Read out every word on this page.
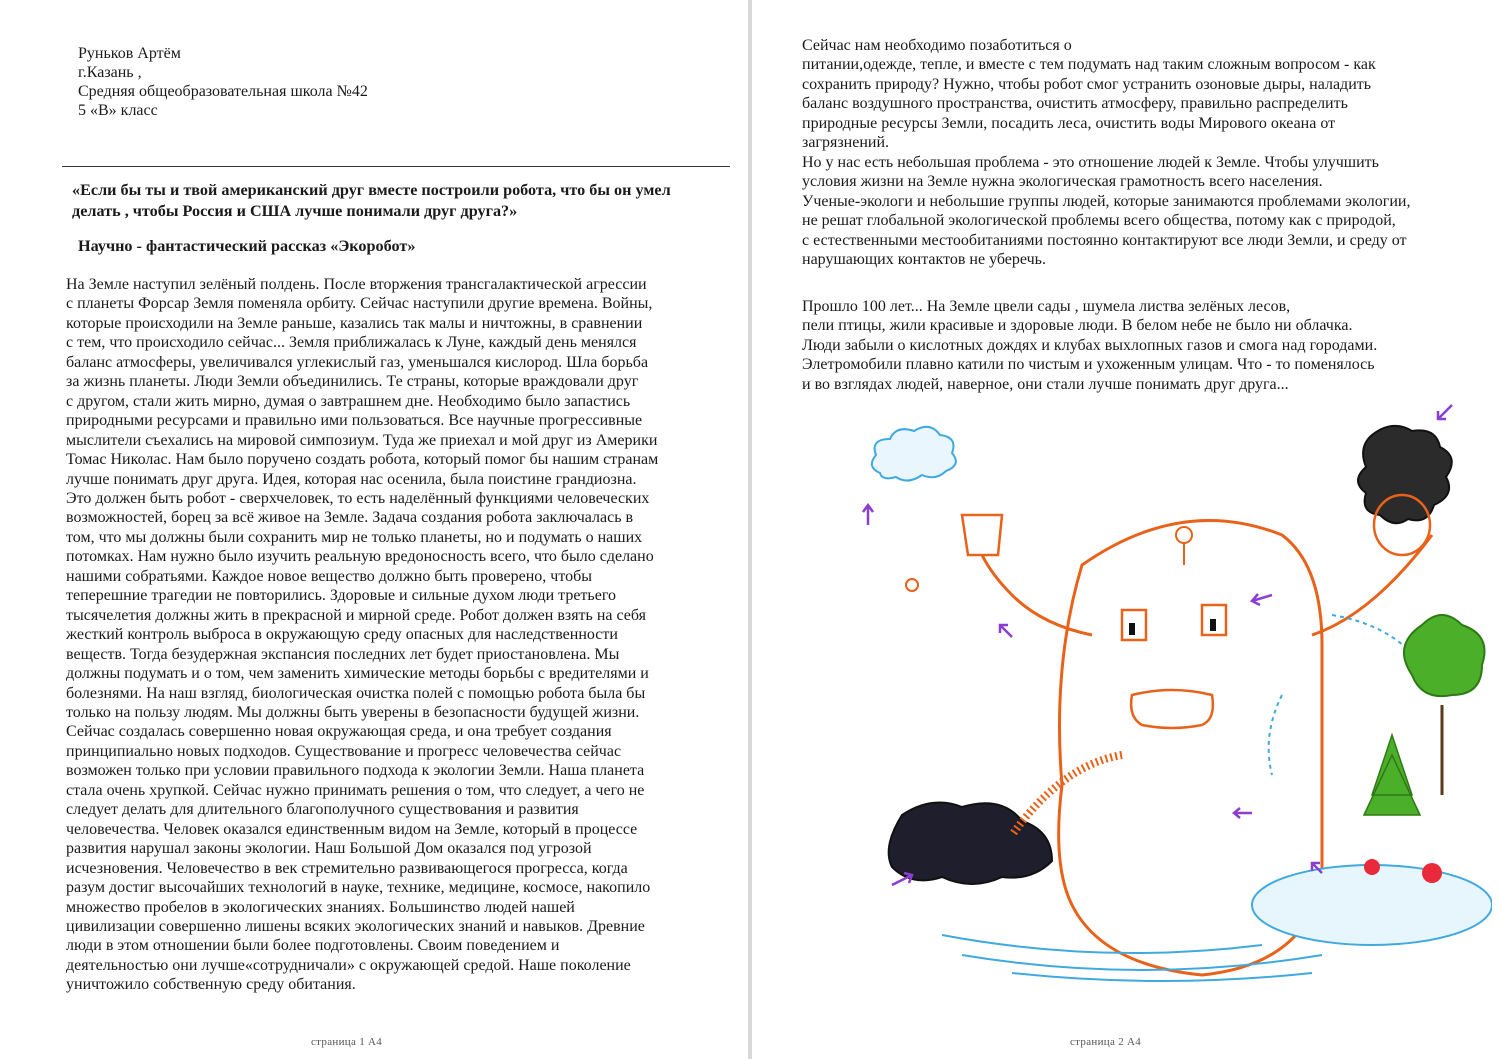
Руньков Артём
г.Казань ,
Средняя общеобразовательная школа №42
5 «В» класс
«Если бы ты и твой американский друг вместе построили робота, что бы он умел
делать , чтобы Россия и США лучше понимали друг друга?»
Научно - фантастический рассказ «Экоробот»
На Земле наступил зелёный полдень. После вторжения трансгалактической агрессии
с планеты Форсар Земля поменяла орбиту. Сейчас наступили другие времена. Войны,
которые происходили на Земле раньше, казались так малы и ничтожны, в сравнении
с тем, что происходило сейчас... Земля приближалась к Луне, каждый день менялся
баланс атмосферы, увеличивался углекислый газ, уменьшался кислород. Шла борьба
за жизнь планеты. Люди Земли объединились. Те страны, которые враждовали друг
с другом, стали жить мирно, думая о завтрашнем дне. Необходимо было запастись
природными ресурсами и правильно ими пользоваться. Все научные прогрессивные
мыслители съехались на мировой симпозиум. Туда же приехал и мой друг из Америки
Томас Николас. Нам было поручено создать робота, который помог бы нашим странам
лучше понимать друг друга. Идея, которая нас осенила, была поистине грандиозна.
Это должен быть робот - сверхчеловек, то есть наделённый функциями человеческих
возможностей, борец за всё живое на Земле. Задача создания робота заключалась в
том, что мы должны были сохранить мир не только планеты, но и подумать о наших
потомках. Нам нужно было изучить реальную вредоносность всего, что было сделано
нашими собратьями. Каждое новое вещество должно быть проверено, чтобы
теперешние трагедии не повторились. Здоровые и сильные духом люди третьего
тысячелетия должны жить в прекрасной и мирной среде. Робот должен взять на себя
жесткий контроль выброса в окружающую среду опасных для наследственности
веществ. Тогда безудержная экспансия последних лет будет приостановлена. Мы
должны подумать и о том, чем заменить химические методы борьбы с вредителями и
болезнями. На наш взгляд, биологическая очистка полей с помощью робота была бы
только на пользу людям. Мы должны быть уверены в безопасности будущей жизни.
Сейчас создалась совершенно новая окружающая среда, и она требует создания
принципиально новых подходов. Существование и прогресс человечества сейчас
возможен только при условии правильного подхода к экологии Земли. Наша планета
стала очень хрупкой. Сейчас нужно принимать решения о том, что следует, а чего не
следует делать для длительного благополучного существования и развития
человечества. Человек оказался единственным видом на Земле, который в процессе
развития нарушал законы экологии. Наш Большой Дом оказался под угрозой
исчезновения. Человечество в век стремительно развивающегося прогресса, когда
разум достиг высочайших технологий в науке, технике, медицине, космосе, накопило
множество пробелов в экологических знаниях. Большинство людей нашей
цивилизации совершенно лишены всяких экологических знаний и навыков. Древние
люди в этом отношении были более подготовлены. Своим поведением и
деятельностью они лучше«сотрудничали» с окружающей средой. Наше поколение
уничтожило собственную среду обитания.
страница 1 А4
Сейчас нам необходимо позаботиться о
питании,одежде, тепле, и вместе с тем подумать над таким сложным вопросом - как
сохранить природу? Нужно, чтобы робот смог устранить озоновые дыры, наладить
баланс воздушного пространства, очистить атмосферу, правильно распределить
природные ресурсы Земли, посадить леса, очистить воды Мирового океана от
загрязнений.
Но у нас есть небольшая проблема - это отношение людей к Земле. Чтобы улучшить
условия жизни на Земле нужна экологическая грамотность всего населения.
Ученые-экологи и небольшие группы людей, которые занимаются проблемами экологии,
не решат глобальной экологической проблемы всего общества, потому как с природой,
с естественными местообитаниями постоянно контактируют все люди Земли, и среду от
нарушающих контактов не уберечь.
Прошло 100 лет... На Земле цвели сады , шумела листва зелёных лесов,
пели птицы, жили красивые и здоровые люди. В белом небе не было ни облачка.
Люди забыли о кислотных дождях и клубах выхлопных газов и смога над городами.
Элетромобили плавно катили по чистым и ухоженным улицам. Что - то поменялось
и во взглядах людей, наверное, они стали лучше понимать друг друга...
страница 2 А4
